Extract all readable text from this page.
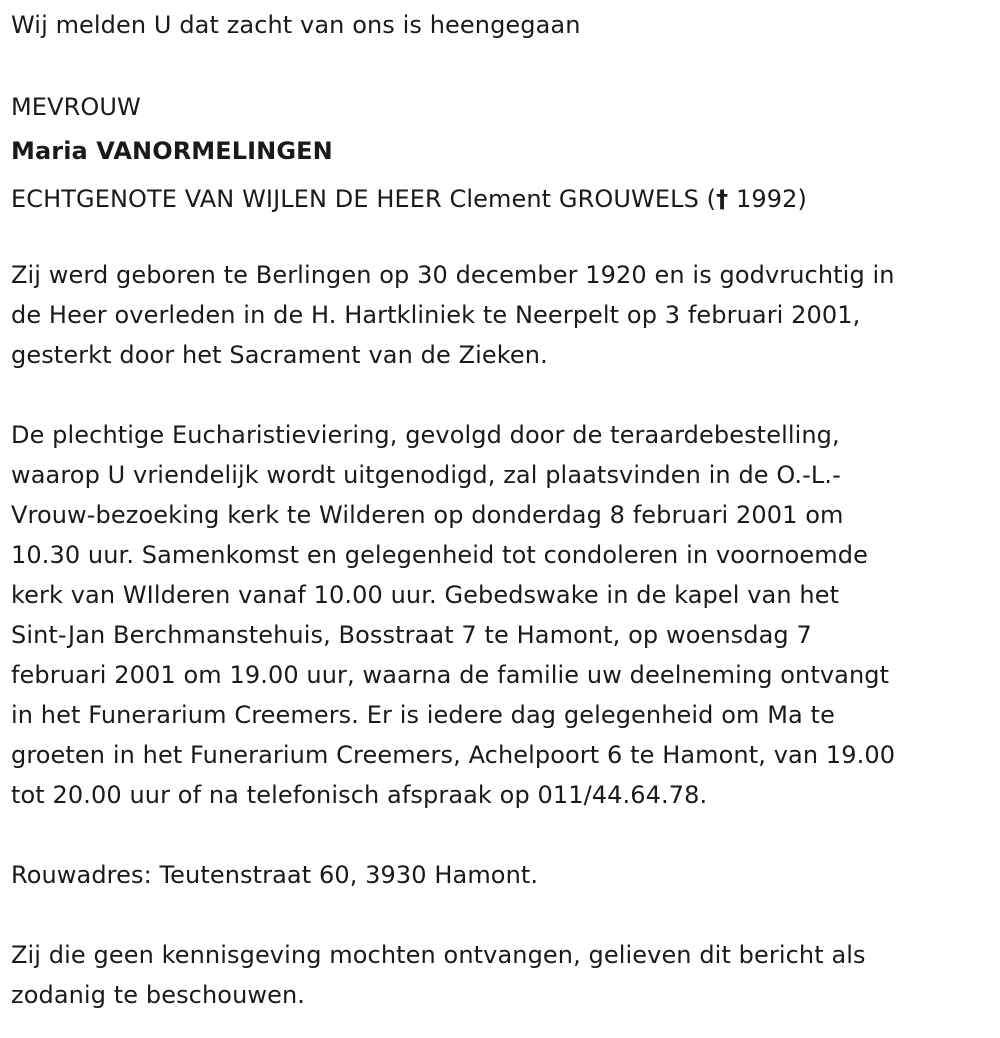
Wij melden U dat zacht van ons is heengegaan

MEVROUW

Maria VANORMELINGEN

ECHTGENOTE VAN WIJLEN DE HEER Clement GROUWELS († 1992)

Zij werd geboren te Berlingen op 30 december 1920 en is godvruchtig in

de Heer overleden in de H. Hartkliniek te Neerpelt op 3 februari 2001,

gesterkt door het Sacrament van de Zieken.

De plechtige Eucharistieviering, gevolgd door de teraardebestelling,

waarop U vriendelijk wordt uitgenodigd, zal plaatsvinden in de O.-L.-

Vrouw-bezoeking kerk te Wilderen op donderdag 8 februari 2001 om

10.30 uur. Samenkomst en gelegenheid tot condoleren in voornoemde

kerk van WIlderen vanaf 10.00 uur. Gebedswake in de kapel van het

Sint-Jan Berchmanstehuis, Bosstraat 7 te Hamont, op woensdag 7

februari 2001 om 19.00 uur, waarna de familie uw deelneming ontvangt

in het Funerarium Creemers. Er is iedere dag gelegenheid om Ma te

groeten in het Funerarium Creemers, Achelpoort 6 te Hamont, van 19.00

tot 20.00 uur of na telefonisch afspraak op 011/44.64.78.

Rouwadres: Teutenstraat 60, 3930 Hamont.

Zij die geen kennisgeving mochten ontvangen, gelieven dit bericht als

zodanig te beschouwen.
